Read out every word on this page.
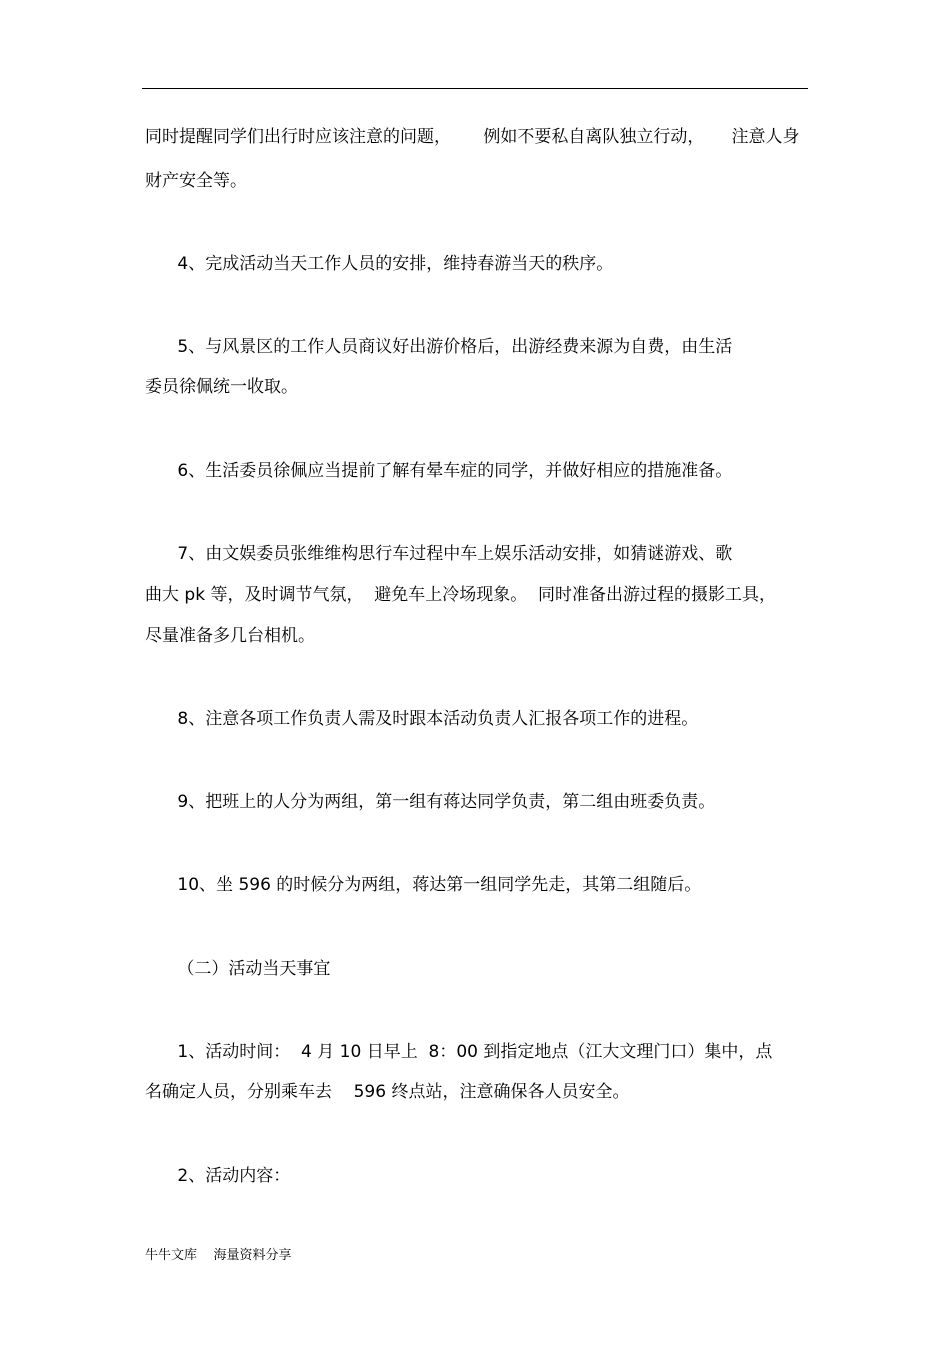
同时提醒同学们出行时应该注意的问题，      例如不要私自离队独立行动，     注意人身
财产安全等。
4、完成活动当天工作人员的安排，维持春游当天的秩序。
5、与风景区的工作人员商议好出游价格后，出游经费来源为自费，由生活
委员徐佩统一收取。
6、生活委员徐佩应当提前了解有晕车症的同学，并做好相应的措施准备。
7、由文娱委员张维维构思行车过程中车上娱乐活动安排，如猜谜游戏、歌
曲大 pk 等，及时调节气氛，  避免车上冷场现象。  同时准备出游过程的摄影工具，
尽量准备多几台相机。
8、注意各项工作负责人需及时跟本活动负责人汇报各项工作的进程。
9、把班上的人分为两组，第一组有蒋达同学负责，第二组由班委负责。
10、坐 596 的时候分为两组，蒋达第一组同学先走，其第二组随后。
（二）活动当天事宜
1、活动时间：  4 月 10 日早上  8：00 到指定地点（江大文理门口）集中，点
名确定人员，分别乘车去    596 终点站，注意确保各人员安全。
2、活动内容：
牛牛文库    海量资料分享
